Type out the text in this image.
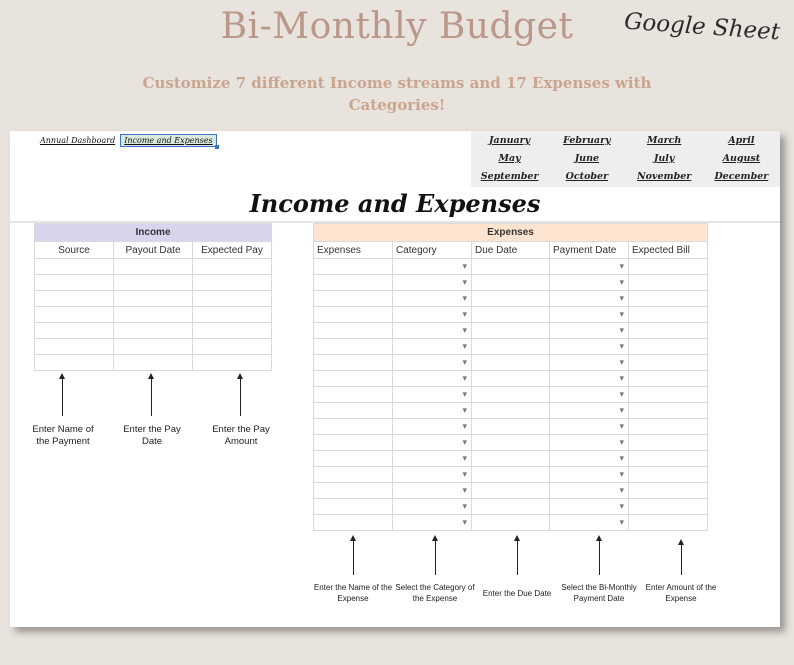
Bi-Monthly Budget	Google Sheet
Customize 7 different Income streams and 17 Expenses with
Categories!
Annual Dashboard	Income and Expenses	January	February	March	April
May	June	July	August
September	October	November	December
Income and Expenses
Income		
Source	Payout Date	Expected Pay

Expenses				
Expenses	Category	Due Date	Payment Date	Expected Bill
	▾		▾	
	▾		▾	
	▾		▾	
	▾		▾	
	▾		▾	
	▾		▾	
	▾		▾	
	▾		▾	
	▾		▾	
	▾		▾	
	▾		▾	
	▾		▾	
	▾		▾	
	▾		▾	
	▾		▾	
	▾		▾	
	▾		▾	
Enter Name of
the Payment
Enter the Pay
Date
Enter the Pay
Amount
Enter the Name of the
Expense
Select the Category of
the Expense
Enter the Due Date
Select the Bi-Monthly
Payment Date
Enter Amount of the
Expense
